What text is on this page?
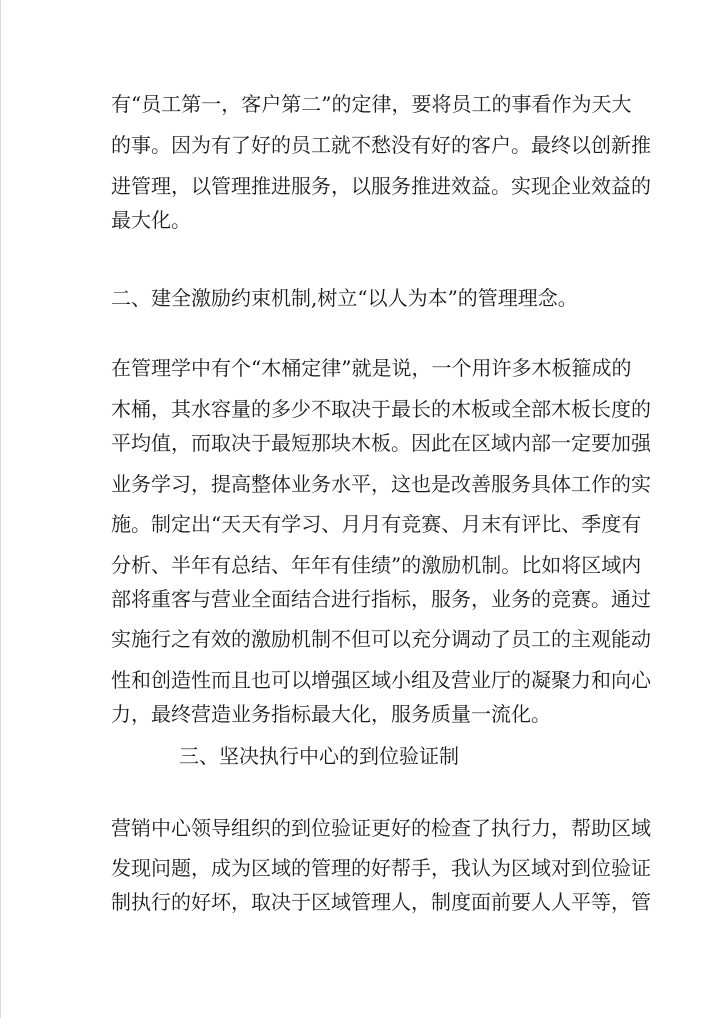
有“员工第一，客户第二”的定律，要将员工的事看作为天大
的事。因为有了好的员工就不愁没有好的客户。最终以创新推
进管理，以管理推进服务，以服务推进效益。实现企业效益的
最大化。
二、建全激励约束机制,树立“以人为本”的管理理念。
在管理学中有个“木桶定律”就是说，一个用许多木板箍成的
木桶，其水容量的多少不取决于最长的木板或全部木板长度的
平均值，而取决于最短那块木板。因此在区域内部一定要加强
业务学习，提高整体业务水平，这也是改善服务具体工作的实
施。制定出“天天有学习、月月有竞赛、月末有评比、季度有
分析、半年有总结、年年有佳绩”的激励机制。比如将区域内
部将重客与营业全面结合进行指标，服务，业务的竞赛。通过
实施行之有效的激励机制不但可以充分调动了员工的主观能动
性和创造性而且也可以增强区域小组及营业厅的凝聚力和向心
力，最终营造业务指标最大化，服务质量一流化。
三、坚决执行中心的到位验证制
营销中心领导组织的到位验证更好的检查了执行力，帮助区域
发现问题，成为区域的管理的好帮手，我认为区域对到位验证
制执行的好坏，取决于区域管理人，制度面前要人人平等，管
